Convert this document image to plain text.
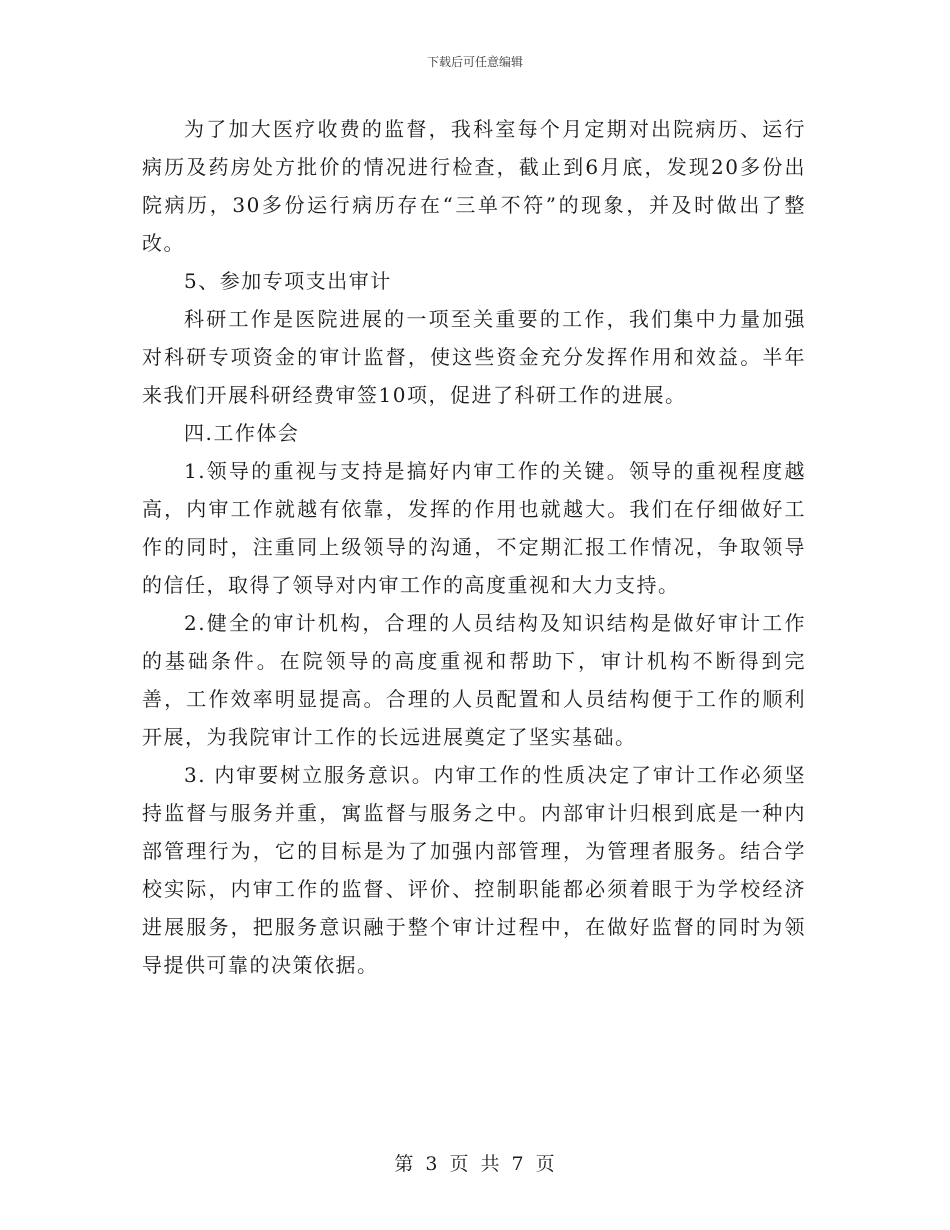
下载后可任意编辑

为了加大医疗收费的监督，我科室每个月定期对出院病历、运行病历及药房处方批价的情况进行检查，截止到6月底，发现20多份出院病历，30多份运行病历存在“三单不符”的现象，并及时做出了整改。

5、参加专项支出审计

科研工作是医院进展的一项至关重要的工作，我们集中力量加强对科研专项资金的审计监督，使这些资金充分发挥作用和效益。半年来我们开展科研经费审签10项，促进了科研工作的进展。

四.工作体会

1.领导的重视与支持是搞好内审工作的关键。领导的重视程度越高，内审工作就越有依靠，发挥的作用也就越大。我们在仔细做好工作的同时，注重同上级领导的沟通，不定期汇报工作情况，争取领导的信任，取得了领导对内审工作的高度重视和大力支持。

2.健全的审计机构，合理的人员结构及知识结构是做好审计工作的基础条件。在院领导的高度重视和帮助下，审计机构不断得到完善，工作效率明显提高。合理的人员配置和人员结构便于工作的顺利开展，为我院审计工作的长远进展奠定了坚实基础。

3. 内审要树立服务意识。内审工作的性质决定了审计工作必须坚持监督与服务并重，寓监督与服务之中。内部审计归根到底是一种内部管理行为，它的目标是为了加强内部管理，为管理者服务。结合学校实际，内审工作的监督、评价、控制职能都必须着眼于为学校经济进展服务，把服务意识融于整个审计过程中，在做好监督的同时为领导提供可靠的决策依据。

第 3 页 共 7 页
